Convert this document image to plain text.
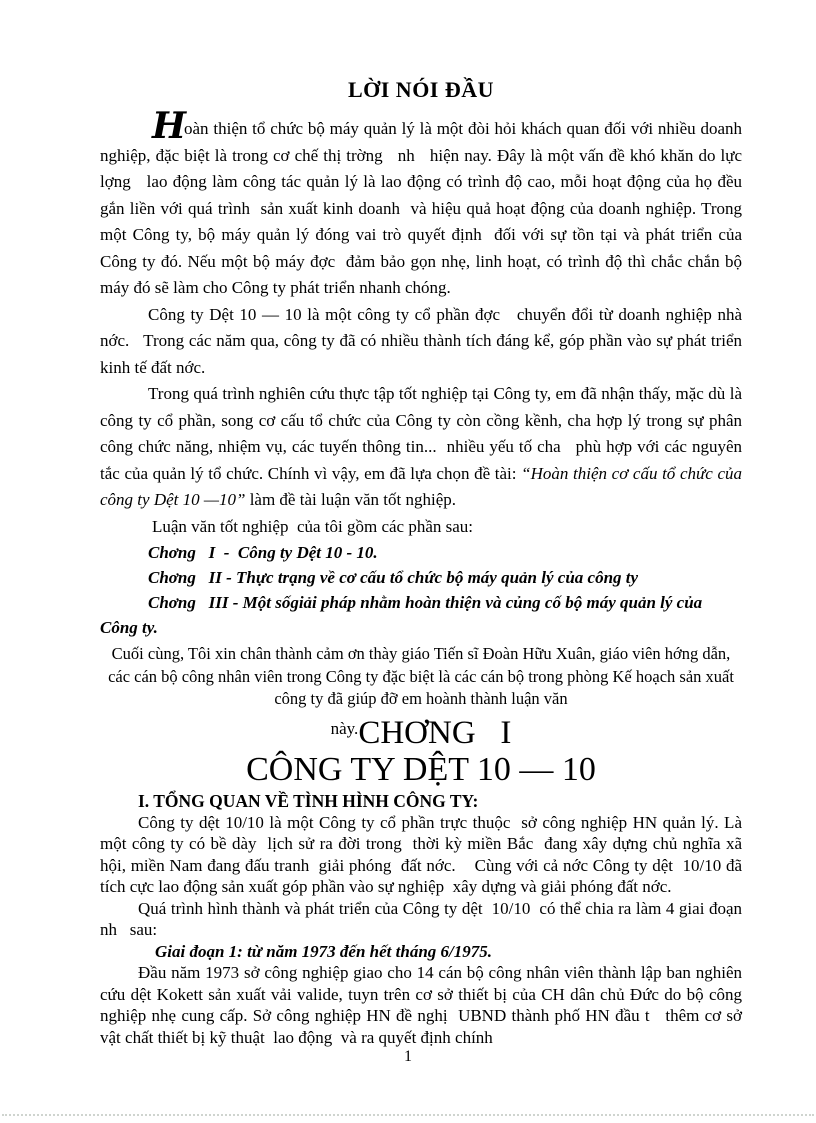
LỜI NÓI ĐẦU

Hoàn thiện tổ chức bộ máy quản lý là một đòi hỏi khách quan đối với nhiều doanh nghiệp, đặc biệt là trong cơ chế thị trờng   nh   hiện nay. Đây là một vấn đề khó khăn do lực lợng   lao động làm công tác quản lý là lao động có trình độ cao, mỗi hoạt động của họ đều gắn liền với quá trình  sản xuất kinh doanh  và hiệu quả hoạt động của doanh nghiệp. Trong một Công ty, bộ máy quản lý đóng vai trò quyết định  đối với sự tồn tại và phát triển của Công ty đó. Nếu một bộ máy đợc  đảm bảo gọn nhẹ, linh hoạt, có trình độ thì chắc chắn bộ máy đó sẽ làm cho Công ty phát triển nhanh chóng.

Công ty Dệt 10 — 10 là một công ty cổ phần đợc   chuyển đổi từ doanh nghiệp nhà nớc.   Trong các năm qua, công ty đã có nhiều thành tích đáng kể, góp phần vào sự phát triển kinh tế đất nớc.

Trong quá trình nghiên cứu thực tập tốt nghiệp tại Công ty, em đã nhận thấy, mặc dù là công ty cổ phần, song cơ cấu tổ chức của Công ty còn cồng kềnh, cha hợp lý trong sự phân công chức năng, nhiệm vụ, các tuyến thông tin...  nhiều yếu tố cha   phù hợp với các nguyên tắc của quản lý tổ chức. Chính vì vậy, em đã lựa chọn đề tài: “Hoàn thiện cơ cấu tổ chức của công ty Dệt 10 —10” làm đề tài luận văn tốt nghiệp.

Luận văn tốt nghiệp  của tôi gồm các phần sau:

Chơng   I  -  Công ty Dệt 10 - 10.
Chơng   II - Thực trạng về cơ cấu tổ chức bộ máy quản lý của công ty
Chơng   III - Một sốgiải pháp nhằm hoàn thiện và củng cố bộ máy quản lý của Công ty.

Cuối cùng, Tôi xin chân thành cảm ơn thày giáo Tiến sĩ Đoàn Hữu Xuân, giáo viên hớng dẫn, các cán bộ công nhân viên trong Công ty đặc biệt là các cán bộ trong phòng Kế hoạch sản xuất công ty đã giúp đỡ em hoành thành luận văn

$^{này.}$CHƠNG   I
CÔNG TY DỆT 10 — 10
I. TỔNG QUAN VỀ TÌNH HÌNH CÔNG TY:

Công ty dệt 10/10 là một Công ty cổ phần trực thuộc  sở công nghiệp HN quản lý. Là một công ty có bề dày  lịch sử ra đời trong  thời kỳ miền Bắc  đang xây dựng chủ nghĩa xã hội, miền Nam đang đấu tranh  giải phóng  đất nớc.    Cùng với cả nớc Công ty dệt  10/10 đã tích cực lao động sản xuất góp phần vào sự nghiệp  xây dựng và giải phóng đất nớc.

Quá trình hình thành và phát triển của Công ty dệt  10/10  có thể chia ra làm 4 giai đoạn nh   sau:

Giai đoạn 1: từ năm 1973 đến hết tháng 6/1975.

Đầu năm 1973 sở công nghiệp giao cho 14 cán bộ công nhân viên thành lập ban nghiên cứu dệt Kokett sản xuất vải valide, tuyn trên cơ sở thiết bị của CH dân chủ Đức do bộ công nghiệp nhẹ cung cấp. Sở công nghiệp HN đề nghị  UBND thành phố HN đầu t   thêm cơ sở vật chất thiết bị kỹ thuật  lao động  và ra quyết định chính

1
